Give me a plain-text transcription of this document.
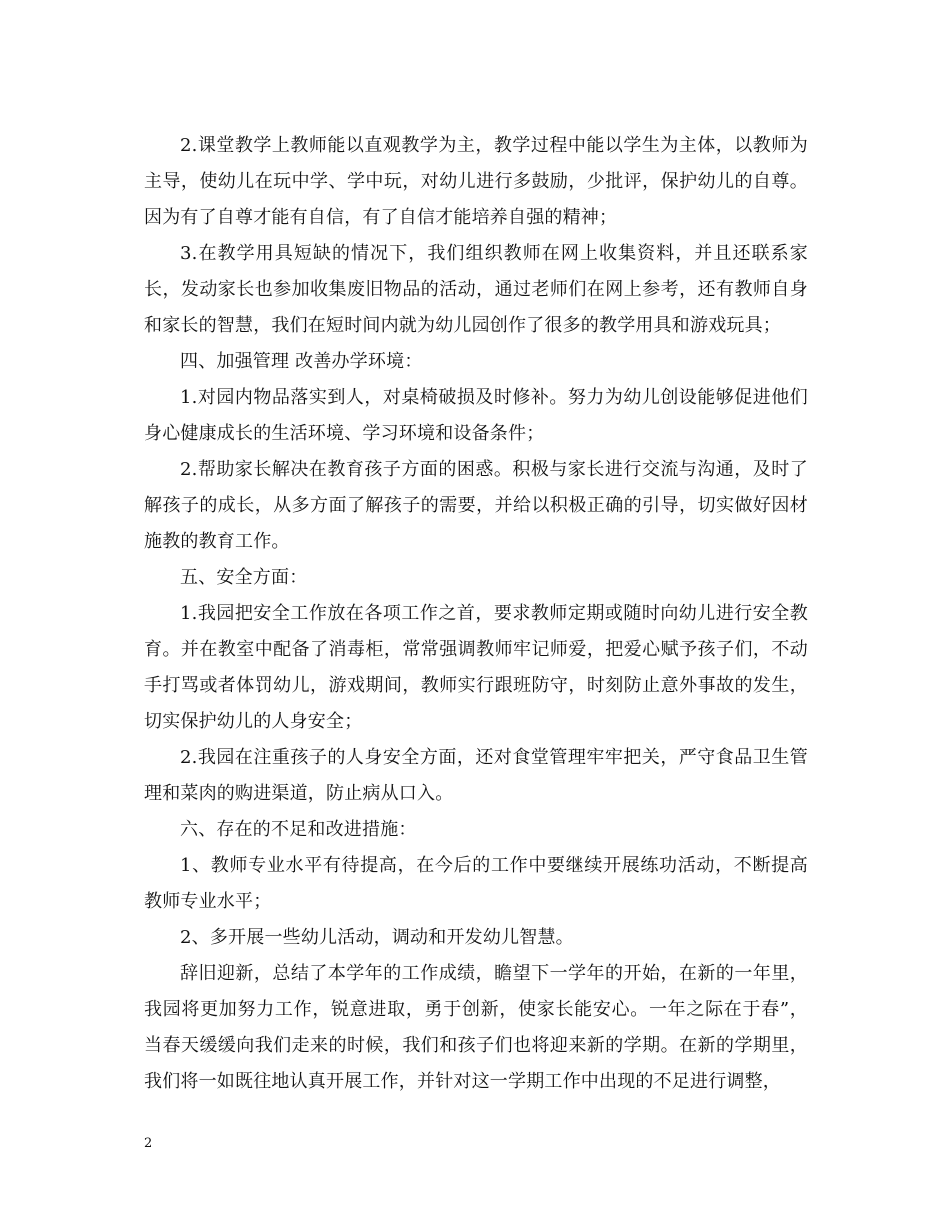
2.课堂教学上教师能以直观教学为主，教学过程中能以学生为主体，以教师为主导，使幼儿在玩中学、学中玩，对幼儿进行多鼓励，少批评，保护幼儿的自尊。因为有了自尊才能有自信，有了自信才能培养自强的精神；

3.在教学用具短缺的情况下，我们组织教师在网上收集资料，并且还联系家长，发动家长也参加收集废旧物品的活动，通过老师们在网上参考，还有教师自身和家长的智慧，我们在短时间内就为幼儿园创作了很多的教学用具和游戏玩具；

四、加强管理 改善办学环境：

1.对园内物品落实到人，对桌椅破损及时修补。努力为幼儿创设能够促进他们身心健康成长的生活环境、学习环境和设备条件；

2.帮助家长解决在教育孩子方面的困惑。积极与家长进行交流与沟通，及时了解孩子的成长，从多方面了解孩子的需要，并给以积极正确的引导，切实做好因材施教的教育工作。

五、安全方面：

1.我园把安全工作放在各项工作之首，要求教师定期或随时向幼儿进行安全教育。并在教室中配备了消毒柜，常常强调教师牢记师爱，把爱心赋予孩子们，不动手打骂或者体罚幼儿，游戏期间，教师实行跟班防守，时刻防止意外事故的发生，切实保护幼儿的人身安全；

2.我园在注重孩子的人身安全方面，还对食堂管理牢牢把关，严守食品卫生管理和菜肉的购进渠道，防止病从口入。

六、存在的不足和改进措施：

1、教师专业水平有待提高，在今后的工作中要继续开展练功活动，不断提高教师专业水平；

2、多开展一些幼儿活动，调动和开发幼儿智慧。

辞旧迎新，总结了本学年的工作成绩，瞻望下一学年的开始，在新的一年里，我园将更加努力工作，锐意进取，勇于创新，使家长能安心。一年之际在于春”，当春天缓缓向我们走来的时候，我们和孩子们也将迎来新的学期。在新的学期里，我们将一如既往地认真开展工作，并针对这一学期工作中出现的不足进行调整，

2
